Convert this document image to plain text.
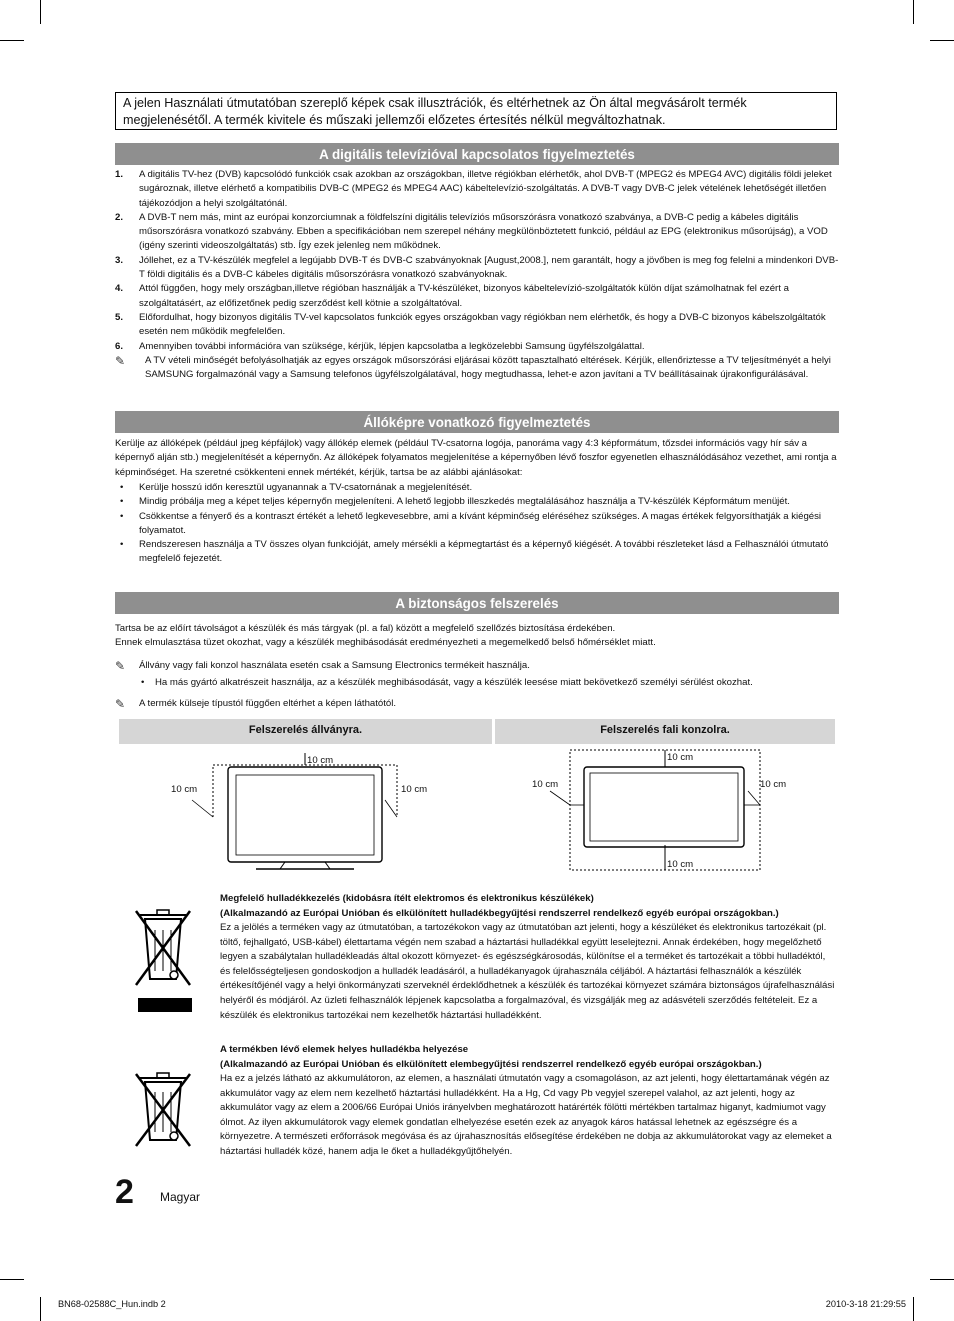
A jelen Használati útmutatóban szereplő képek csak illusztrációk, és eltérhetnek az Ön által megvásárolt termék megjelenésétől. A termék kivitele és műszaki jellemzői előzetes értesítés nélkül megváltozhatnak.
A digitális televízióval kapcsolatos figyelmeztetés
1. A digitális TV-hez (DVB) kapcsolódó funkciók csak azokban az országokban, illetve régiókban elérhetők, ahol DVB-T (MPEG2 és MPEG4 AVC) digitális földi jeleket sugároznak, illetve elérhető a kompatibilis DVB-C (MPEG2 és MPEG4 AAC) kábeltelevízió-szolgáltatás. A DVB-T vagy DVB-C jelek vételének lehetőségét illetően tájékozódjon a helyi szolgáltatónál.
2. A DVB-T nem más, mint az európai konzorciumnak a földfelszíni digitális televíziós műsorszórásra vonatkozó szabványa, a DVB-C pedig a kábeles digitális műsorszórásra vonatkozó szabvány. Ebben a specifikációban nem szerepel néhány megkülönböztetett funkció, például az EPG (elektronikus műsorújság), a VOD (igény szerinti videoszolgáltatás) stb. Így ezek jelenleg nem működnek.
3. Jóllehet, ez a TV-készülék megfelel a legújabb DVB-T és DVB-C szabványoknak [August,2008.], nem garantált, hogy a jövőben is meg fog felelni a mindenkori DVB-T földi digitális és a DVB-C kábeles digitális műsorszórásra vonatkozó szabványoknak.
4. Attól függően, hogy mely országban,illetve régióban használják a TV-készüléket, bizonyos kábeltelevízió-szolgáltatók külön díjat számolhatnak fel ezért a szolgáltatásért, az előfizetőnek pedig szerződést kell kötnie a szolgáltatóval.
5. Előfordulhat, hogy bizonyos digitális TV-vel kapcsolatos funkciók egyes országokban vagy régiókban nem elérhetők, és hogy a DVB-C bizonyos kábelszolgáltatók esetén nem működik megfelelően.
6. Amennyiben további információra van szüksége, kérjük, lépjen kapcsolatba a legközelebbi Samsung ügyfélszolgálattal.
✎ A TV vételi minőségét befolyásolhatják az egyes országok műsorszórási eljárásai között tapasztalható eltérések. Kérjük, ellenőriztesse a TV teljesítményét a helyi SAMSUNG forgalmazónál vagy a Samsung telefonos ügyfélszolgálatával, hogy megtudhassa, lehet-e azon javítani a TV beállításainak újrakonfigurálásával.
Állóképre vonatkozó figyelmeztetés
Kerülje az állóképek (például jpeg képfájlok) vagy állókép elemek (például TV-csatorna logója, panoráma vagy 4:3 képformátum, tőzsdei információs vagy hír sáv a képernyő alján stb.) megjelenítését a képernyőn. Az állóképek folyamatos megjelenítése a képernyőben lévő foszfor egyenetlen elhasználódásához vezethet, ami rontja a képminőséget. Ha szeretné csökkenteni ennek mértékét, kérjük, tartsa be az alábbi ajánlásokat:
• Kerülje hosszú időn keresztül ugyanannak a TV-csatornának a megjelenítését.
• Mindig próbálja meg a képet teljes képernyőn megjeleníteni. A lehető legjobb illeszkedés megtalálásához használja a TV-készülék Képformátum menüjét.
• Csökkentse a fényerő és a kontraszt értékét a lehető legkevesebbre, ami a kívánt képminőség eléréséhez szükséges. A magas értékek felgyorsíthatják a kiégési folyamatot.
• Rendszeresen használja a TV összes olyan funkcióját, amely mérsékli a képmegtartást és a képernyő kiégését. A további részleteket lásd a Felhasználói útmutató megfelelő fejezetét.
A biztonságos felszerelés
Tartsa be az előírt távolságot a készülék és más tárgyak (pl. a fal) között a megfelelő szellőzés biztosítása érdekében.
Ennek elmulasztása tüzet okozhat, vagy a készülék meghibásodását eredményezheti a megemelkedő belső hőmérséklet miatt.
✎ Állvány vagy fali konzol használata esetén csak a Samsung Electronics termékeit használja.
• Ha más gyártó alkatrészeit használja, az a készülék meghibásodását, vagy a készülék leesése miatt bekövetkező személyi sérülést okozhat.
✎ A termék külseje típustól függően eltérhet a képen láthatótól.
Felszerelés állványra.	Felszerelés fali konzolra.
10 cm
10 cm	10 cm
10 cm
10 cm	10 cm
10 cm
Megfelelő hulladékkezelés (kidobásra ítélt elektromos és elektronikus készülékek)
(Alkalmazandó az Európai Unióban és elkülönített hulladékbegyűjtési rendszerrel rendelkező egyéb európai országokban.)
Ez a jelölés a terméken vagy az útmutatóban, a tartozékokon vagy az útmutatóban azt jelenti, hogy a készüléket és elektronikus tartozékait (pl. töltő, fejhallgató, USB-kábel) élettartama végén nem szabad a háztartási hulladékkal együtt leselejtezni. Annak érdekében, hogy megelőzhető legyen a szabálytalan hulladékleadás által okozott környezet- és egészségkárosodás, különítse el a terméket és tartozékait a többi hulladéktól, és felelősségteljesen gondoskodjon a hulladék leadásáról, a hulladékanyagok újrahasznála céljából. A háztartási felhasználók a készülék értékesítőjénél vagy a helyi önkormányzati szerveknél érdeklődhetnek a készülék és tartozékai környezet számára biztonságos újrafelhasználási helyéről és módjáról. Az üzleti felhasználók lépjenek kapcsolatba a forgalmazóval, és vizsgálják meg az adásvételi szerződés feltételeit. Ez a készülék és elektronikus tartozékai nem kezelhetők háztartási hulladékként.
A termékben lévő elemek helyes hulladékba helyezése
(Alkalmazandó az Európai Unióban és elkülönített elembegyűjtési rendszerrel rendelkező egyéb európai országokban.)
Ha ez a jelzés látható az akkumulátoron, az elemen, a használati útmutatón vagy a csomagoláson, az azt jelenti, hogy élettartamának végén az akkumulátor vagy az elem nem kezelhető háztartási hulladékként. Ha a Hg, Cd vagy Pb vegyjel szerepel valahol, az azt jelenti, hogy az akkumulátor vagy az elem a 2006/66 Európai Uniós irányelvben meghatározott határérték fölötti mértékben tartalmaz higanyt, kadmiumot vagy ólmot. Az ilyen akkumulátorok vagy elemek gondatlan elhelyezése esetén ezek az anyagok káros hatással lehetnek az egészségre és a környezetre. A természeti erőforrások megóvása és az újrahasznosítás elősegítése érdekében ne dobja az akkumulátorokat vagy az elemeket a háztartási hulladék közé, hanem adja le őket a hulladékgyűjtőhelyén.
2 Magyar
BN68-02588C_Hun.indb 2	2010-3-18 21:29:55
